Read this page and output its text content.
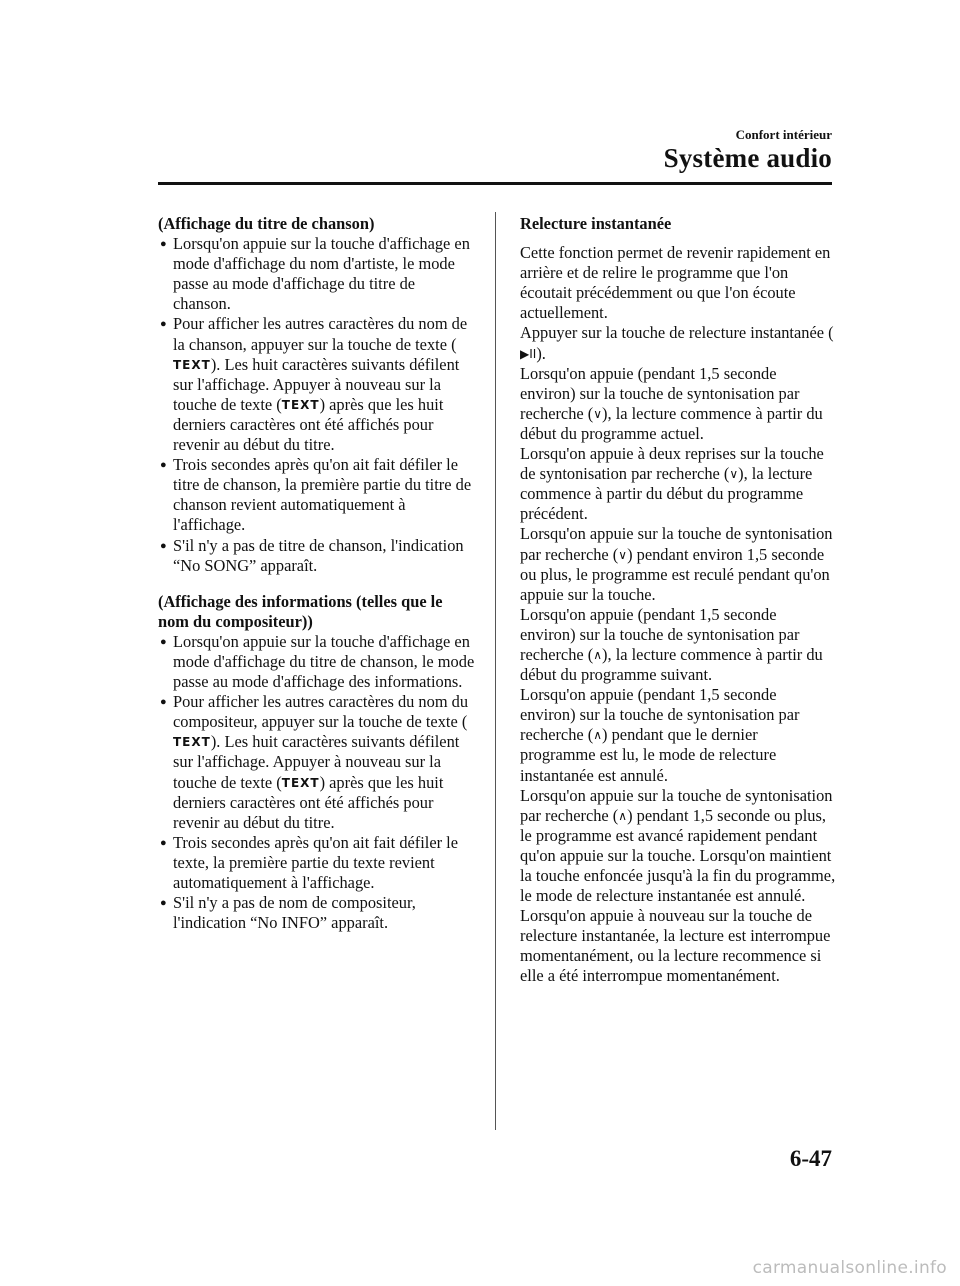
Confort intérieur
Système audio
(Affichage du titre de chanson)
● Lorsqu'on appuie sur la touche d'affichage en mode d'affichage du nom d'artiste, le mode passe au mode d'affichage du titre de chanson.
● Pour afficher les autres caractères du nom de la chanson, appuyer sur la touche de texte (TEXT). Les huit caractères suivants défilent sur l'affichage. Appuyer à nouveau sur la touche de texte (TEXT) après que les huit derniers caractères ont été affichés pour revenir au début du titre.
● Trois secondes après qu'on ait fait défiler le titre de chanson, la première partie du titre de chanson revient automatiquement à l'affichage.
● S'il n'y a pas de titre de chanson, l'indication “No SONG” apparaît.
(Affichage des informations (telles que le nom du compositeur))
● Lorsqu'on appuie sur la touche d'affichage en mode d'affichage du titre de chanson, le mode passe au mode d'affichage des informations.
● Pour afficher les autres caractères du nom du compositeur, appuyer sur la touche de texte (TEXT). Les huit caractères suivants défilent sur l'affichage. Appuyer à nouveau sur la touche de texte (TEXT) après que les huit derniers caractères ont été affichés pour revenir au début du titre.
● Trois secondes après qu'on ait fait défiler le texte, la première partie du texte revient automatiquement à l'affichage.
● S'il n'y a pas de nom de compositeur, l'indication “No INFO” apparaît.
Relecture instantanée
Cette fonction permet de revenir rapidement en arrière et de relire le programme que l'on écoutait précédemment ou que l'on écoute actuellement.
Appuyer sur la touche de relecture instantanée (▶II).
Lorsqu'on appuie (pendant 1,5 seconde environ) sur la touche de syntonisation par recherche (∨), la lecture commence à partir du début du programme actuel.
Lorsqu'on appuie à deux reprises sur la touche de syntonisation par recherche (∨), la lecture commence à partir du début du programme précédent.
Lorsqu'on appuie sur la touche de syntonisation par recherche (∨) pendant environ 1,5 seconde ou plus, le programme est reculé pendant qu'on appuie sur la touche.
Lorsqu'on appuie (pendant 1,5 seconde environ) sur la touche de syntonisation par recherche (∧), la lecture commence à partir du début du programme suivant.
Lorsqu'on appuie (pendant 1,5 seconde environ) sur la touche de syntonisation par recherche (∧) pendant que le dernier programme est lu, le mode de relecture instantanée est annulé.
Lorsqu'on appuie sur la touche de syntonisation par recherche (∧) pendant 1,5 seconde ou plus, le programme est avancé rapidement pendant qu'on appuie sur la touche. Lorsqu'on maintient la touche enfoncée jusqu'à la fin du programme, le mode de relecture instantanée est annulé.
Lorsqu'on appuie à nouveau sur la touche de relecture instantanée, la lecture est interrompue momentanément, ou la lecture recommence si elle a été interrompue momentanément.
6-47
carmanualsonline.info
